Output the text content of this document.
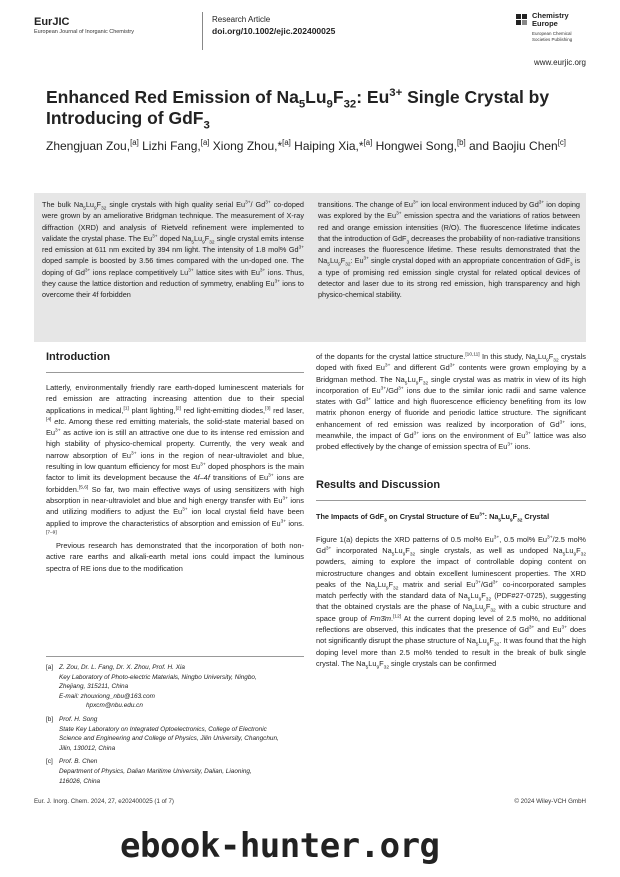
EurJIC
European Journal of Inorganic Chemistry
Research Article
doi.org/10.1002/ejic.202400025
Chemistry Europe
European Chemical Societies Publishing
www.eurjic.org
Enhanced Red Emission of $Na_5Lu_9F_{32}$: $Eu^{3+}$ Single Crystal by Introducing of GdF$_3$
Zhengjuan Zou,[a] Lizhi Fang,[a] Xiong Zhou,*[a] Haiping Xia,*[a] Hongwei Song,[b] and Baojiu Chen[c]
The bulk $Na_5Lu_9F_{32}$ single crystals with high quality serial $Eu^{3+}/$ $Gd^{3+}$ co-doped were grown by an ameliorative Bridgman technique. The measurement of X-ray diffraction (XRD) and analysis of Rietveld refinement were implemented to validate the crystal phase. The $Eu^{3+}$ doped $Na_5Lu_9F_{32}$ single crystal emits intense red emission at 611 nm excited by 394 nm light. The intensity of 1.8 mol% $Gd^{3+}$ doped sample is boosted by 3.56 times compared with the un-doped one. The doping of $Gd^{3+}$ ions replace competitively $Lu^{3+}$ lattice sites with $Eu^{3+}$ ions. Thus, they cause the lattice distortion and reduction of symmetry, enabling $Eu^{3+}$ ions to overcome their 4f forbidden
transitions. The change of $Eu^{3+}$ ion local environment induced by $Gd^{3+}$ ion doping was explored by the $Eu^{3+}$ emission spectra and the variations of ratios between red and orange emission intensities (R/O). The fluorescence lifetime indicates that the introduction of GdF$_3$ decreases the probability of non-radiative transitions and increases the fluorescence lifetime. These results demonstrated that the $Na_5Lu_9F_{32}$: $Eu^{3+}$ single crystal doped with an appropriate concentration of GdF$_3$ is a type of promising red emission single crystal for related optical devices of detector and laser due to its strong red emission, high transparency and high physico-chemical stability.
Introduction
Latterly, environmentally friendly rare earth-doped luminescent materials for red emission are attracting increasing attention due to their special applications in medical,[1] plant lighting,[2] red light-emitting diodes,[3] red laser,[4] etc. Among these red emitting materials, the solid-state material based on $Eu^{3+}$ as active ion is still an attractive one due to its intense red emission and high stability of physico-chemical property. Currently, the very weak and narrow absorption of $Eu^{3+}$ ions in the region of near-ultraviolet and blue, resulting in low quantum efficiency for most $Eu^{3+}$ doped phosphors is the main factor to limit its development because the 4f–4f transitions of $Eu^{3+}$ ions are forbidden.[5,6] So far, two main effective ways of using sensitizers with high absorption in near-ultraviolet and blue and high energy transfer with $Eu^{3+}$ ions and utilizing modifiers to adjust the $Eu^{3+}$ ion local crystal field have been applied to improve the characteristics of absorption and emission of $Eu^{3+}$ ions.[7–9]
Previous research has demonstrated that the incorporation of both non-active rare earths and alkali-earth metal ions could impact the luminous spectra of RE ions due to the modification
of the dopants for the crystal lattice structure.[10,11] In this study, $Na_5Lu_9F_{32}$ crystals doped with fixed $Eu^{3+}$ and different $Gd^{3+}$ contents were grown employing by a Bridgman method. The $Na_5Lu_9F_{32}$ single crystal was as matrix in view of its high incorporation of $Eu^{3+}/Gd^{3+}$ ions due to the similar ionic radii and same valence states with $Gd^{3+}$ lattice and high fluorescence efficiency benefiting from its low matrix phonon energy of fluoride and periodic lattice structure. The significant enhancement of red emission was realized by incorporation of $Gd^{3+}$ ions, meanwhile, the impact of $Gd^{3+}$ ions on the environment of $Eu^{3+}$ lattice was also probed effectively by the change of emission spectra of $Eu^{3+}$ ions.
Results and Discussion
The Impacts of GdF$_3$ on Crystal Structure of $Eu^{3+}$: $Na_5Lu_9F_{32}$ Crystal
Figure 1(a) depicts the XRD patterns of 0.5 mol% $Eu^{3+}$, 0.5 mol% $Eu^{3+}/2.5$ mol% $Gd^{3+}$ incorporated $Na_5Lu_9F_{32}$ single crystals, as well as undoped $Na_5Lu_9F_{32}$ powders, aiming to explore the impact of controllable doping content on microstructure changes and obtain excellent luminescent properties. The XRD peaks of the $Na_5Lu_9F_{32}$ matrix and serial $Eu^{3+}/Gd^{3+}$ co-incorporated samples match perfectly with the standard data of $Na_5Lu_9F_{32}$ (PDF#27-0725), suggesting that the obtained crystals are the phase of $Na_5Lu_9F_{32}$ with a cubic structure and space group of Fm3̄m.[12] At the current doping level of 2.5 mol%, no additional reflections are observed, this indicates that the presence of $Gd^{3+}$ and $Eu^{3+}$ does not significantly disrupt the phase structure of $Na_5Lu_9F_{32}$. It was found that the high doping level more than 2.5 mol% tended to result in the break of bulk single crystal. The $Na_5Lu_9F_{32}$ single crystals can be confirmed
[a] Z. Zou, Dr. L. Fang, Dr. X. Zhou, Prof. H. Xia
Key Laboratory of Photo-electric Materials, Ningbo University, Ningbo,
Zhejiang, 315211, China
E-mail: zhouxiong_nbu@163.com
hpxcm@nbu.edu.cn
[b] Prof. H. Song
State Key Laboratory on Integrated Optoelectronics, College of Electronic
Science and Engineering and College of Physics, Jilin University, Changchun,
Jilin, 130012, China
[c] Prof. B. Chen
Department of Physics, Dalian Maritime University, Dalian, Liaoning,
116026, China
Eur. J. Inorg. Chem. 2024, 27, e202400025 (1 of 7)	© 2024 Wiley-VCH GmbH
ebook-hunter.org
